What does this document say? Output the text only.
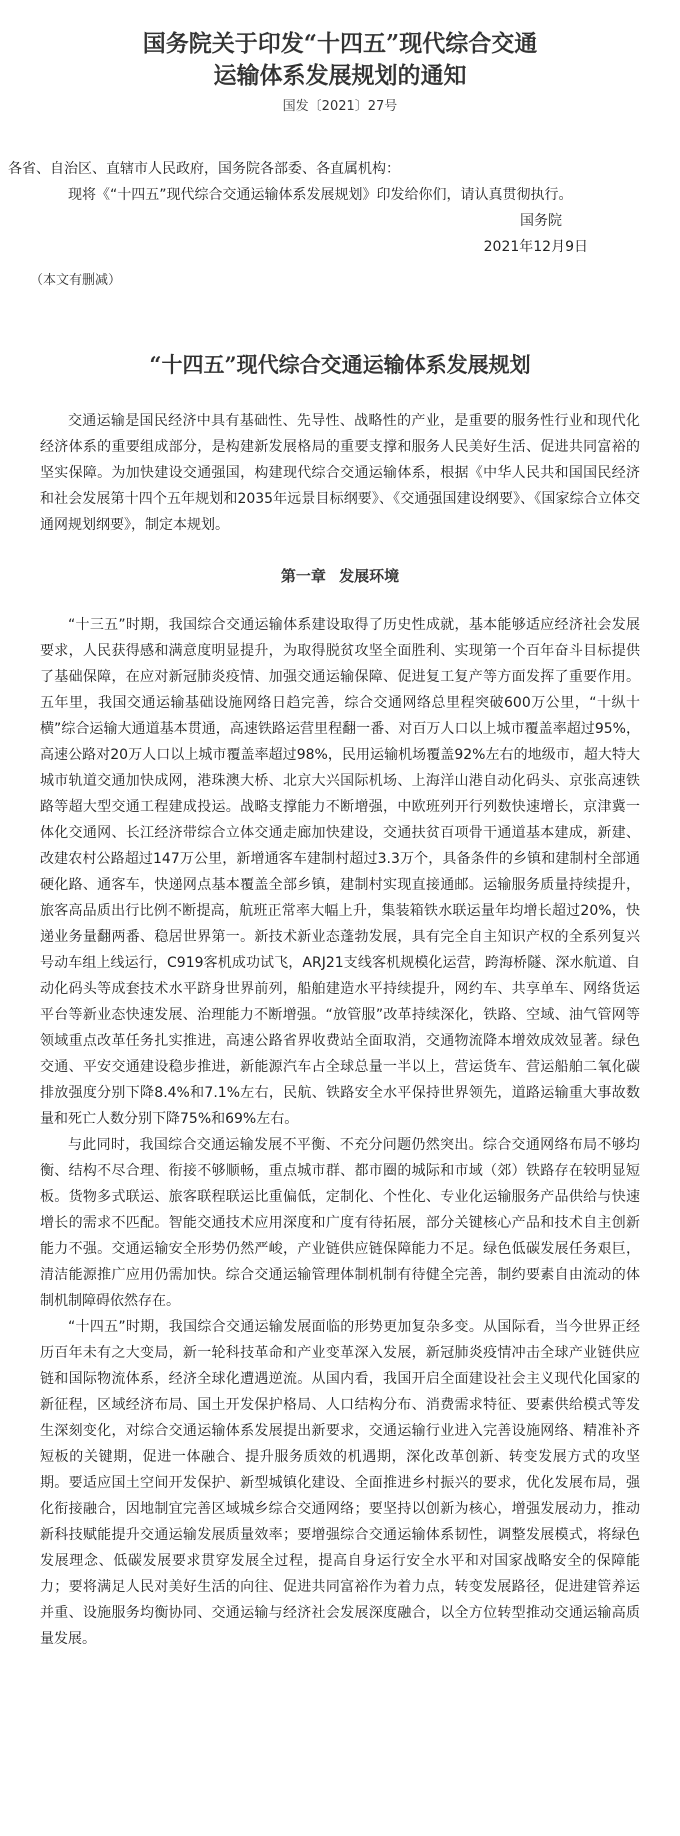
国务院关于印发“十四五”现代综合交通
运输体系发展规划的通知

国发〔2021〕27号

各省、自治区、直辖市人民政府，国务院各部委、各直属机构：

现将《“十四五”现代综合交通运输体系发展规划》印发给你们，请认真贯彻执行。

国务院

2021年12月9日

（本文有删减）

“十四五”现代综合交通运输体系发展规划

交通运输是国民经济中具有基础性、先导性、战略性的产业，是重要的服务性行业和现代化经济体系的重要组成部分，是构建新发展格局的重要支撑和服务人民美好生活、促进共同富裕的坚实保障。为加快建设交通强国，构建现代综合交通运输体系，根据《中华人民共和国国民经济和社会发展第十四个五年规划和2035年远景目标纲要》、《交通强国建设纲要》、《国家综合立体交通网规划纲要》，制定本规划。

第一章 发展环境

“十三五”时期，我国综合交通运输体系建设取得了历史性成就，基本能够适应经济社会发展要求，人民获得感和满意度明显提升，为取得脱贫攻坚全面胜利、实现第一个百年奋斗目标提供了基础保障，在应对新冠肺炎疫情、加强交通运输保障、促进复工复产等方面发挥了重要作用。五年里，我国交通运输基础设施网络日趋完善，综合交通网络总里程突破600万公里，“十纵十横”综合运输大通道基本贯通，高速铁路运营里程翻一番、对百万人口以上城市覆盖率超过95%，高速公路对20万人口以上城市覆盖率超过98%，民用运输机场覆盖92%左右的地级市，超大特大城市轨道交通加快成网，港珠澳大桥、北京大兴国际机场、上海洋山港自动化码头、京张高速铁路等超大型交通工程建成投运。战略支撑能力不断增强，中欧班列开行列数快速增长，京津冀一体化交通网、长江经济带综合立体交通走廊加快建设，交通扶贫百项骨干通道基本建成，新建、改建农村公路超过147万公里，新增通客车建制村超过3.3万个，具备条件的乡镇和建制村全部通硬化路、通客车，快递网点基本覆盖全部乡镇，建制村实现直接通邮。运输服务质量持续提升，旅客高品质出行比例不断提高，航班正常率大幅上升，集装箱铁水联运量年均增长超过20%，快递业务量翻两番、稳居世界第一。新技术新业态蓬勃发展，具有完全自主知识产权的全系列复兴号动车组上线运行，C919客机成功试飞，ARJ21支线客机规模化运营，跨海桥隧、深水航道、自动化码头等成套技术水平跻身世界前列，船舶建造水平持续提升，网约车、共享单车、网络货运平台等新业态快速发展、治理能力不断增强。“放管服”改革持续深化，铁路、空域、油气管网等领域重点改革任务扎实推进，高速公路省界收费站全面取消，交通物流降本增效成效显著。绿色交通、平安交通建设稳步推进，新能源汽车占全球总量一半以上，营运货车、营运船舶二氧化碳排放强度分别下降8.4%和7.1%左右，民航、铁路安全水平保持世界领先，道路运输重大事故数量和死亡人数分别下降75%和69%左右。

与此同时，我国综合交通运输发展不平衡、不充分问题仍然突出。综合交通网络布局不够均衡、结构不尽合理、衔接不够顺畅，重点城市群、都市圈的城际和市域（郊）铁路存在较明显短板。货物多式联运、旅客联程联运比重偏低，定制化、个性化、专业化运输服务产品供给与快速增长的需求不匹配。智能交通技术应用深度和广度有待拓展，部分关键核心产品和技术自主创新能力不强。交通运输安全形势仍然严峻，产业链供应链保障能力不足。绿色低碳发展任务艰巨，清洁能源推广应用仍需加快。综合交通运输管理体制机制有待健全完善，制约要素自由流动的体制机制障碍依然存在。

“十四五”时期，我国综合交通运输发展面临的形势更加复杂多变。从国际看，当今世界正经历百年未有之大变局，新一轮科技革命和产业变革深入发展，新冠肺炎疫情冲击全球产业链供应链和国际物流体系，经济全球化遭遇逆流。从国内看，我国开启全面建设社会主义现代化国家的新征程，区域经济布局、国土开发保护格局、人口结构分布、消费需求特征、要素供给模式等发生深刻变化，对综合交通运输体系发展提出新要求，交通运输行业进入完善设施网络、精准补齐短板的关键期，促进一体融合、提升服务质效的机遇期，深化改革创新、转变发展方式的攻坚期。要适应国土空间开发保护、新型城镇化建设、全面推进乡村振兴的要求，优化发展布局，强化衔接融合，因地制宜完善区域城乡综合交通网络；要坚持以创新为核心，增强发展动力，推动新科技赋能提升交通运输发展质量效率；要增强综合交通运输体系韧性，调整发展模式，将绿色发展理念、低碳发展要求贯穿发展全过程，提高自身运行安全水平和对国家战略安全的保障能力；要将满足人民对美好生活的向往、促进共同富裕作为着力点，转变发展路径，促进建管养运并重、设施服务均衡协同、交通运输与经济社会发展深度融合，以全方位转型推动交通运输高质量发展。
